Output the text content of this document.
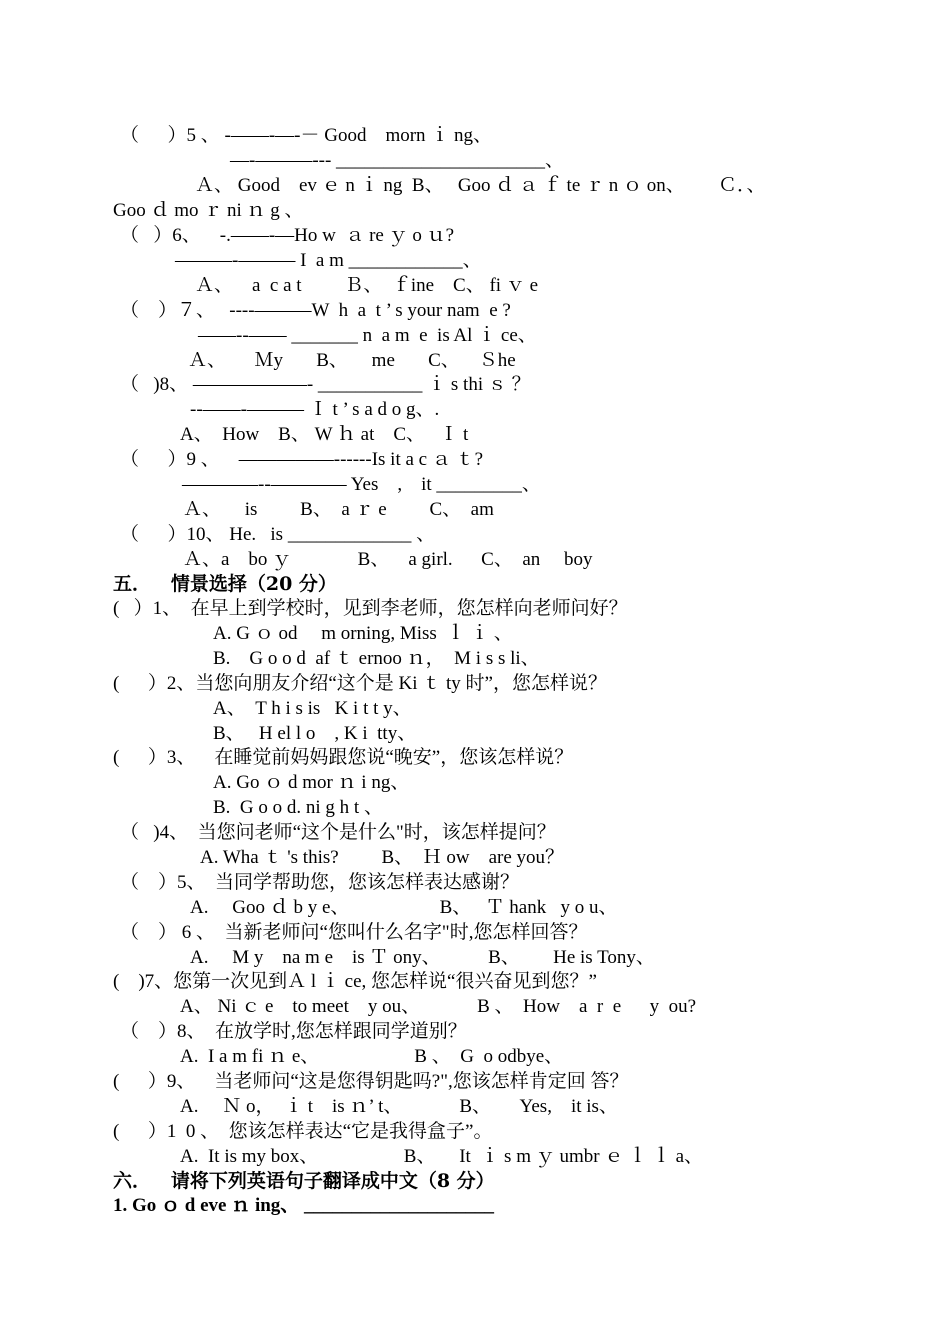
（      ）5 、 -——-—-－ Good    morn ｉ ng、
—-———--- ______________________、
Ａ、 Good    ev ｅ n ｉ ng  B、   Goo ｄ ａ ｆ te ｒ n ｏ on、       Ｃ．、
Goo ｄ mo ｒ ni ｎ g 、
（   ）6、    -.——-—Ho w  ａ re ｙ o ｕ?
———-——— I  a m ____________、
Ａ、    a  c a t         Ｂ、  ｆine    C、 fi ｖ e
（    ）７、   ----———W  h  a  t ’ s your nam  e ?
——--—— _______ n  a m  e  is Al ｉ ce、
Ａ、      Ｍy       B、     me       C、    Ｓhe
（   )8、 ——————- ___________ ｉ s thi ｓ ？
--——-——— Ｉ t ’ s a d o g、.
A、  How    B、 W ｈ at    C、   Ｉ t
（      ）9 、    —————------Is it a c ａ ｔ?
————--———— Yes    ,    it _________、
Ａ、     is         B、  a ｒ e         C、  am
（      ）10、 He.   is _____________ 、
Ａ、a    bo ｙ              B、    a girl.      C、  an     boy
五．   情景选择（20 分）
(   ）1、  在早上到学校时，见到李老师，您怎样向老师问好？
A. G ｏ od     m orning, Miss  ｌ ｉ 、
B.    G o o d  af ｔ ernoo ｎ，  M i s s li、
(      ）2、当您向朋友介绍“这个是 Ki ｔ ty 时”，您怎样说？
A、  T h i s is   K i t t y、
B、   H el l o    , K i  tty、
(      ）3、    在睡觉前妈妈跟您说“晚安”，您该怎样说？
A. Go ｏ d mor ｎ i ng、
B.  G o o d. ni g h t 、
（   )4、  当您问老师“这个是什么"时，该怎样提问？
A. Wha ｔ 's this?         B、  Ｈ ow    are you？
（    ）5、  当同学帮助您，您该怎样表达感谢？
A.     Goo ｄ b y e、                   B、   Ｔ hank   y o u、
（    ） 6 、  当新老师问“您叫什么名字"时,您怎样回答？
A.     M y    na m e    is Ｔ ony、          B、       He is Tony、
(    )7、您第一次见到Ａ l ｉ ce, 您怎样说“很兴奋见到您？”
A、 Ni ｃ e    to meet    y ou、            B 、  How    a  r  e      y  ou?
（    ）8、  在放学时,您怎样跟同学道别？
A.  I a m fi ｎ e、                    B 、  G  o odbye、
(      ）9、    当老师问“这是您得钥匙吗?",您该怎样肯定回 答？
A.     Ｎ o，  ｉ t    is ｎ’ t、            B、      Yes,    it is、
(      ）1  0 、  您该怎样表达“它是我得盒子”。
A.  It is my box、                  B、     It  ｉ s m ｙ umbr ｅ ｌ ｌ a、
六．   请将下列英语句子翻译成中文（8 分）
1. Go ｏ d eve ｎ ing、 ____________________
